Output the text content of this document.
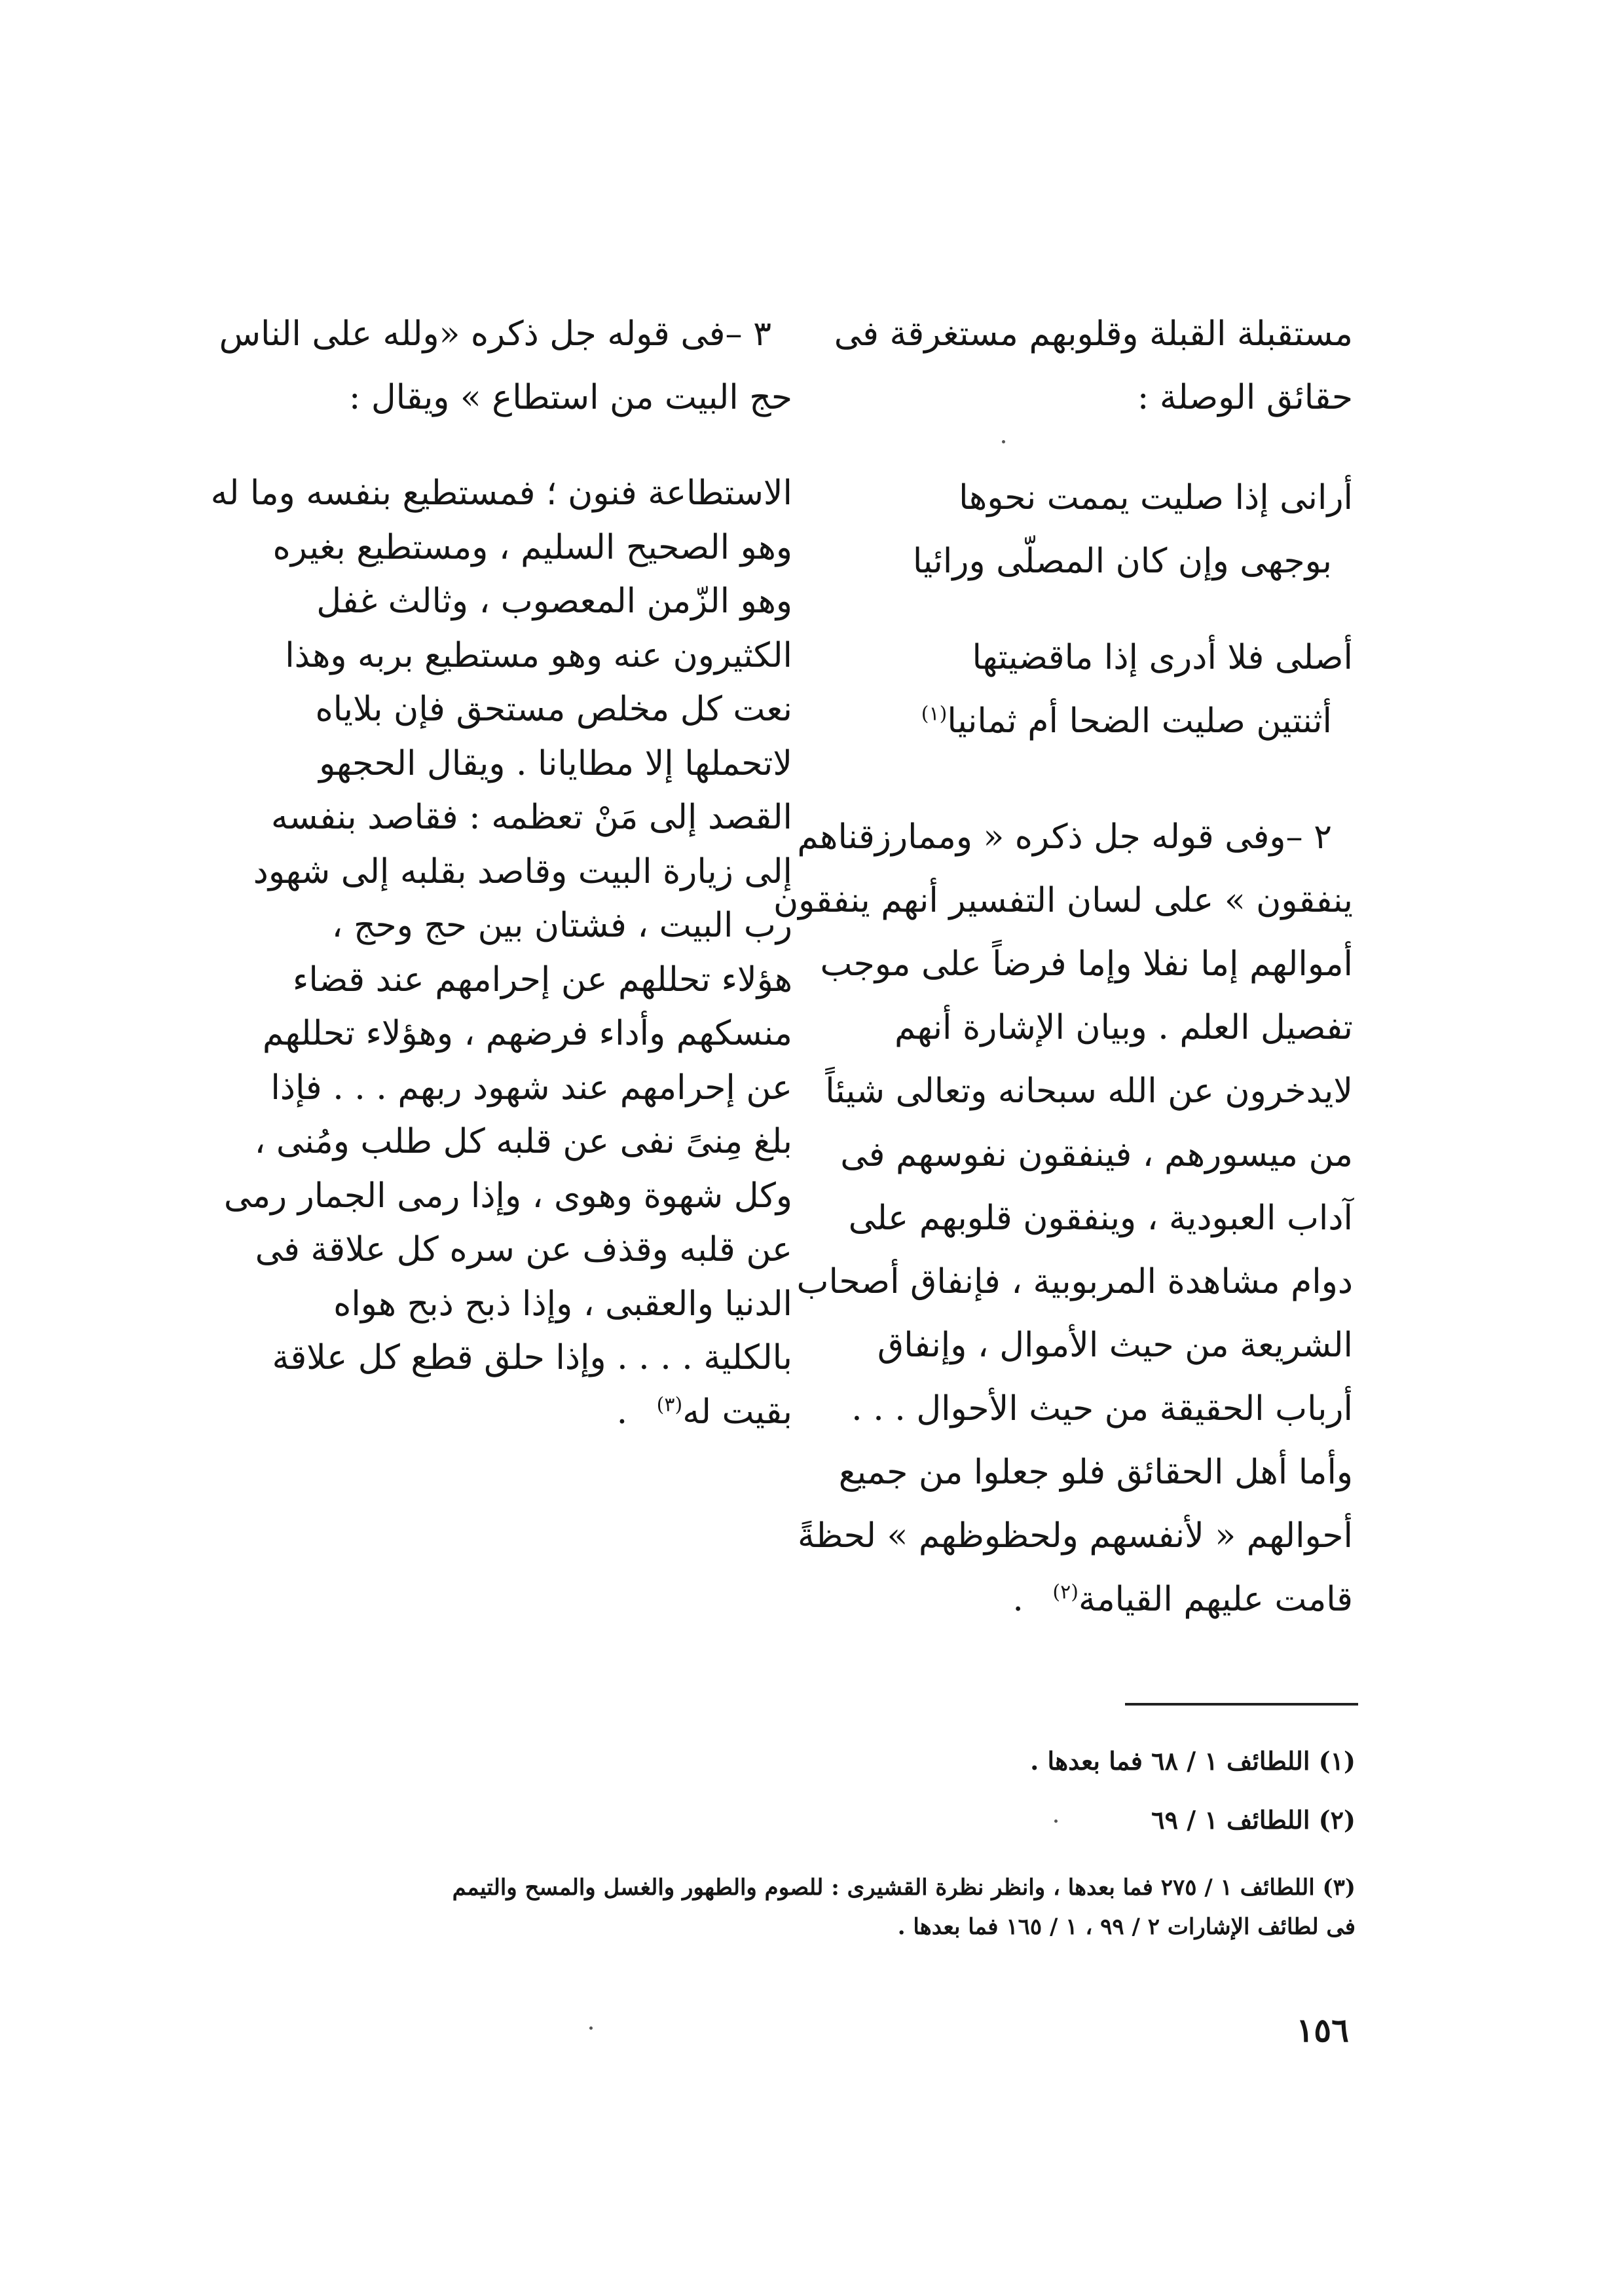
مستقبلة القبلة وقلوبهم مستغرقة فى
حقائق الوصلة :
أرانى إذا صليت يممت نحوها
بوجهى وإن كان المصلّى ورائيا
أصلى فلا أدرى إذا ماقضيتها
أثنتين صليت الضحا أم ثمانيا$^{(١)}$
٢ –وفى قوله جل ذكره « وممارزقناهم
ينفقون » على لسان التفسير أنهم ينفقون
أموالهم إما نفلا وإما فرضاً على موجب
تفصيل العلم . وبيان الإشارة أنهم
لايدخرون عن الله سبحانه وتعالى شيئاً
من ميسورهم ، فينفقون نفوسهم فى
آداب العبودية ، وينفقون قلوبهم على
دوام مشاهدة المربوبية ، فإنفاق أصحاب
الشريعة من حيث الأموال ، وإنفاق
أرباب الحقيقة من حيث الأحوال . . .
وأما أهل الحقائق فلو جعلوا من جميع
أحوالهم « لأنفسهم ولحظوظهم » لحظةً
قامت عليهم القيامة$^{(٢)}$ .
٣ –فى قوله جل ذكره «ولله على الناس
حج البيت من استطاع » ويقال :
الاستطاعة فنون ؛ فمستطيع بنفسه وما له
وهو الصحيح السليم ، ومستطيع بغيره
وهو الزّمن المعصوب ، وثالث غفل
الكثيرون عنه وهو مستطيع بربه وهذا
نعت كل مخلص مستحق فإن بلاياه
لاتحملها إلا مطايانا . ويقال الحجهو
القصد إلى مَنْ تعظمه : فقاصد بنفسه
إلى زيارة البيت وقاصد بقلبه إلى شهود
رب البيت ، فشتان بين حج وحج ،
هؤلاء تحللهم عن إحرامهم عند قضاء
منسكهم وأداء فرضهم ، وهؤلاء تحللهم
عن إحرامهم عند شهود ربهم . . . فإذا
بلغ مِنىً نفى عن قلبه كل طلب ومُنى ،
وكل شهوة وهوى ، وإذا رمى الجمار رمى
عن قلبه وقذف عن سره كل علاقة فى
الدنيا والعقبى ، وإذا ذبح ذبح هواه
بالكلية . . . . وإذا حلق قطع كل علاقة
بقيت له$^{(٣)}$ .
(١) اللطائف ١ / ٦٨ فما بعدها .
(٢) اللطائف ١ / ٦٩
(٣) اللطائف ١ / ٢٧٥ فما بعدها ، وانظر نظرة القشيرى : للصوم والطهور والغسل والمسح والتيمم
فى لطائف الإشارات ٢ / ٩٩ ، ١ / ١٦٥ فما بعدها .
١٥٦
